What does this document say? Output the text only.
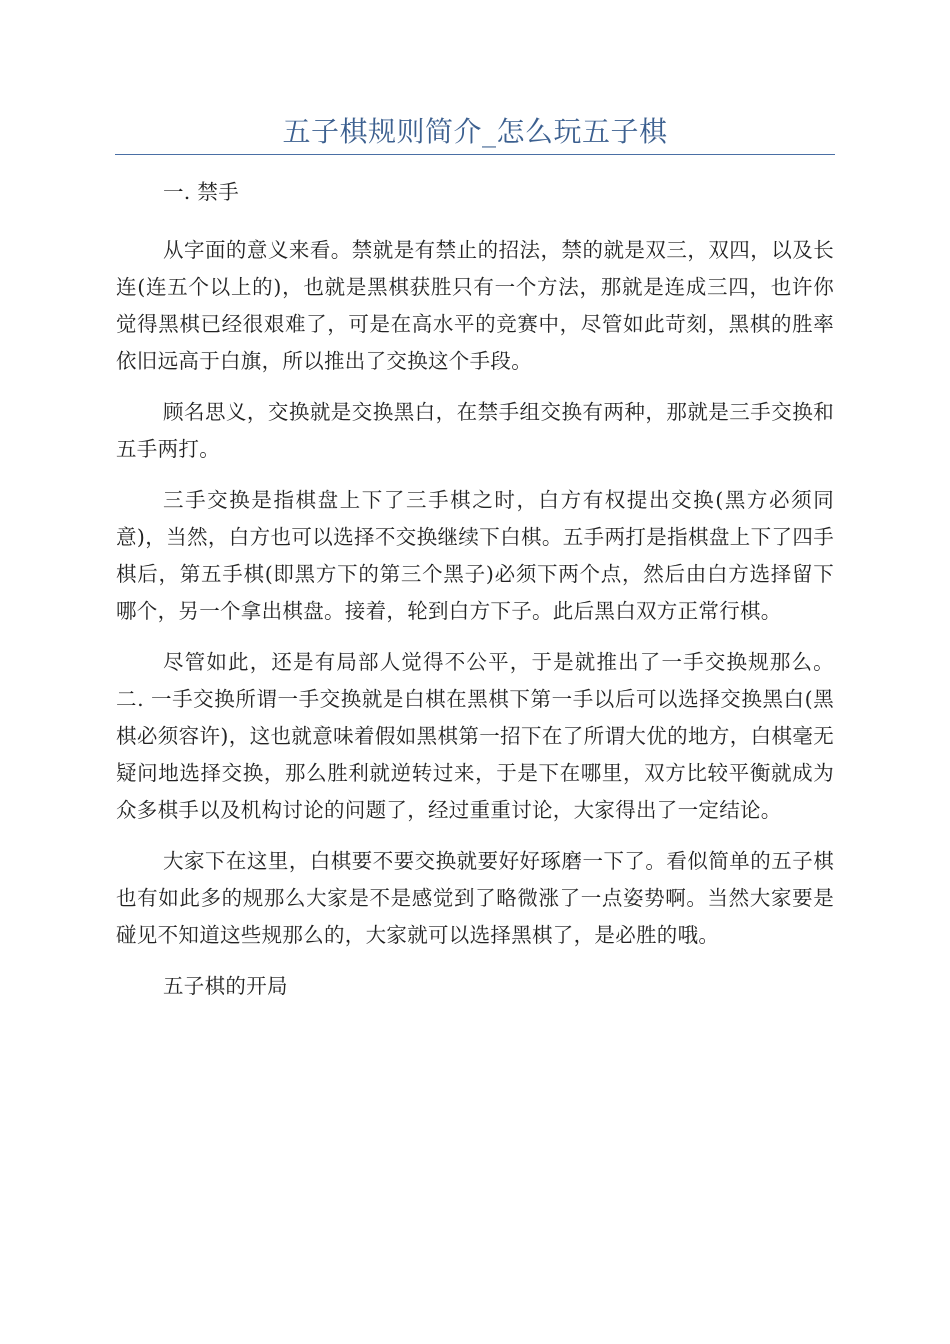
五子棋规则简介_怎么玩五子棋

一. 禁手

从字面的意义来看。禁就是有禁止的招法，禁的就是双三，双四，以及长连(连五个以上的)，也就是黑棋获胜只有一个方法，那就是连成三四，也许你觉得黑棋已经很艰难了，可是在高水平的竞赛中，尽管如此苛刻，黑棋的胜率依旧远高于白旗，所以推出了交换这个手段。

顾名思义，交换就是交换黑白，在禁手组交换有两种，那就是三手交换和五手两打。

三手交换是指棋盘上下了三手棋之时，白方有权提出交换(黑方必须同意)，当然，白方也可以选择不交换继续下白棋。五手两打是指棋盘上下了四手棋后，第五手棋(即黑方下的第三个黑子)必须下两个点，然后由白方选择留下哪个，另一个拿出棋盘。接着，轮到白方下子。此后黑白双方正常行棋。

尽管如此，还是有局部人觉得不公平，于是就推出了一手交换规那么。二. 一手交换所谓一手交换就是白棋在黑棋下第一手以后可以选择交换黑白(黑棋必须容许)，这也就意味着假如黑棋第一招下在了所谓大优的地方，白棋毫无疑问地选择交换，那么胜利就逆转过来，于是下在哪里，双方比较平衡就成为众多棋手以及机构讨论的问题了，经过重重讨论，大家得出了一定结论。

大家下在这里，白棋要不要交换就要好好琢磨一下了。看似简单的五子棋也有如此多的规那么大家是不是感觉到了略微涨了一点姿势啊。当然大家要是碰见不知道这些规那么的，大家就可以选择黑棋了，是必胜的哦。

五子棋的开局
